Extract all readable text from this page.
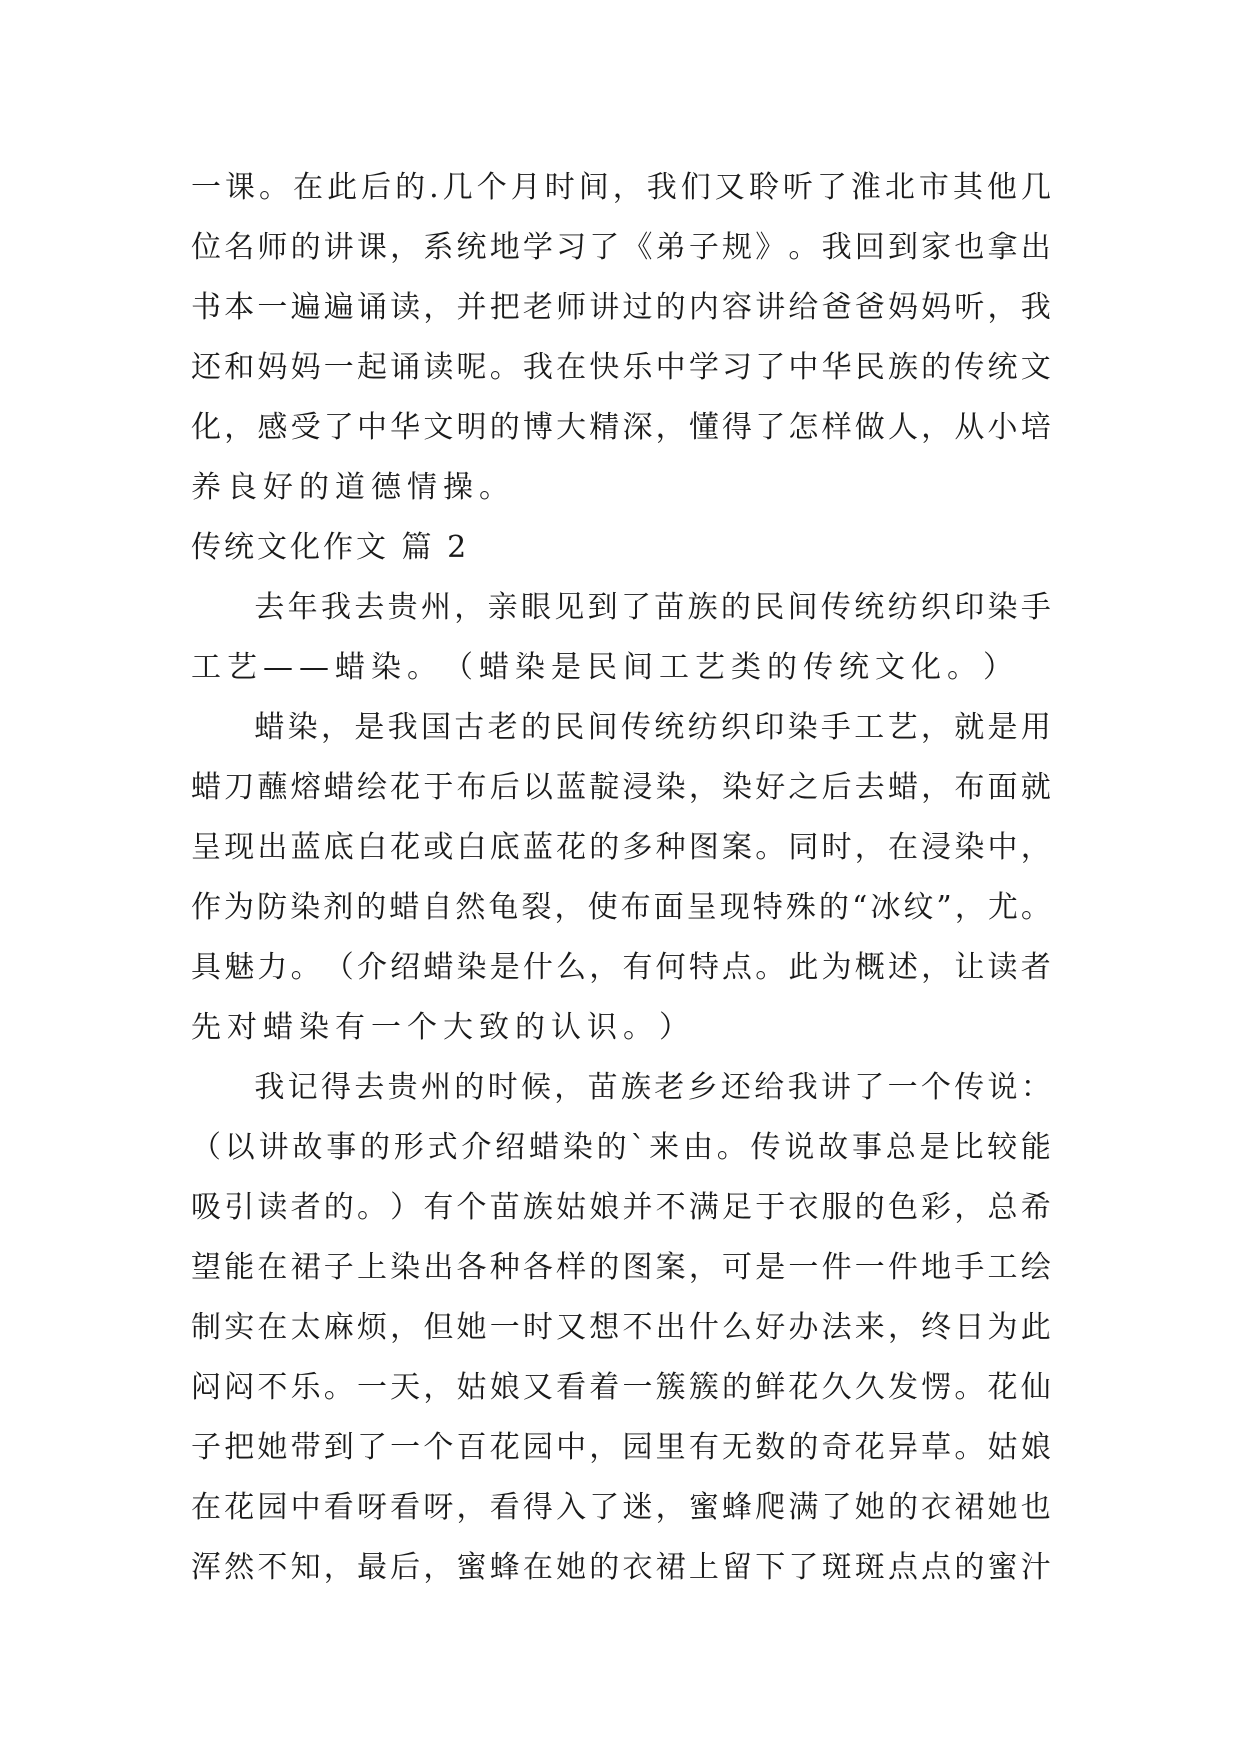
一 课 。 在 此 后 的 . 几 个 月 时 间 ， 我 们 又 聆 听 了 淮 北 市 其 他 几
位 名 师 的 讲 课 ， 系 统 地 学 习 了 《 弟 子 规 》 。 我 回 到 家 也 拿 出
书 本 一 遍 遍 诵 读 ， 并 把 老 师 讲 过 的 内 容 讲 给 爸 爸 妈 妈 听 ， 我
还 和 妈 妈 一 起 诵 读 呢 。 我 在 快 乐 中 学 习 了 中 华 民 族 的 传 统 文
化 ， 感 受 了 中 华 文 明 的 博 大 精 深 ， 懂 得 了 怎 样 做 人 ， 从 小 培
养 良 好 的 道 德 情 操 。
传统文化作文 篇 2
去 年 我 去 贵 州 ， 亲 眼 见 到 了 苗 族 的 民 间 传 统 纺 织 印 染 手
工 艺 — — 蜡 染 。 （ 蜡 染 是 民 间 工 艺 类 的 传 统 文 化 。 ）
蜡 染 ， 是 我 国 古 老 的 民 间 传 统 纺 织 印 染 手 工 艺 ， 就 是 用
蜡 刀 蘸 熔 蜡 绘 花 于 布 后 以 蓝 靛 浸 染 ， 染 好 之 后 去 蜡 ， 布 面 就
呈 现 出 蓝 底 白 花 或 白 底 蓝 花 的 多 种 图 案 。 同 时 ， 在 浸 染 中 ，
作 为 防 染 剂 的 蜡 自 然 龟 裂 ， 使 布 面 呈 现 特 殊 的 “ 冰 纹 ” ， 尤 。
具 魅 力 。 （ 介 绍 蜡 染 是 什 么 ， 有 何 特 点 。 此 为 概 述 ， 让 读 者
先 对 蜡 染 有 一 个 大 致 的 认 识 。 ）
我 记 得 去 贵 州 的 时 候 ， 苗 族 老 乡 还 给 我 讲 了 一 个 传 说 ：
（ 以 讲 故 事 的 形 式 介 绍 蜡 染 的 ` 来 由 。 传 说 故 事 总 是 比 较 能
吸 引 读 者 的 。 ） 有 个 苗 族 姑 娘 并 不 满 足 于 衣 服 的 色 彩 ， 总 希
望 能 在 裙 子 上 染 出 各 种 各 样 的 图 案 ， 可 是 一 件 一 件 地 手 工 绘
制 实 在 太 麻 烦 ， 但 她 一 时 又 想 不 出 什 么 好 办 法 来 ， 终 日 为 此
闷 闷 不 乐 。 一 天 ， 姑 娘 又 看 着 一 簇 簇 的 鲜 花 久 久 发 愣 。 花 仙
子 把 她 带 到 了 一 个 百 花 园 中 ， 园 里 有 无 数 的 奇 花 异 草 。 姑 娘
在 花 园 中 看 呀 看 呀 ， 看 得 入 了 迷 ， 蜜 蜂 爬 满 了 她 的 衣 裙 她 也
浑 然 不 知 ， 最 后 ， 蜜 蜂 在 她 的 衣 裙 上 留 下 了 斑 斑 点 点 的 蜜 汁
